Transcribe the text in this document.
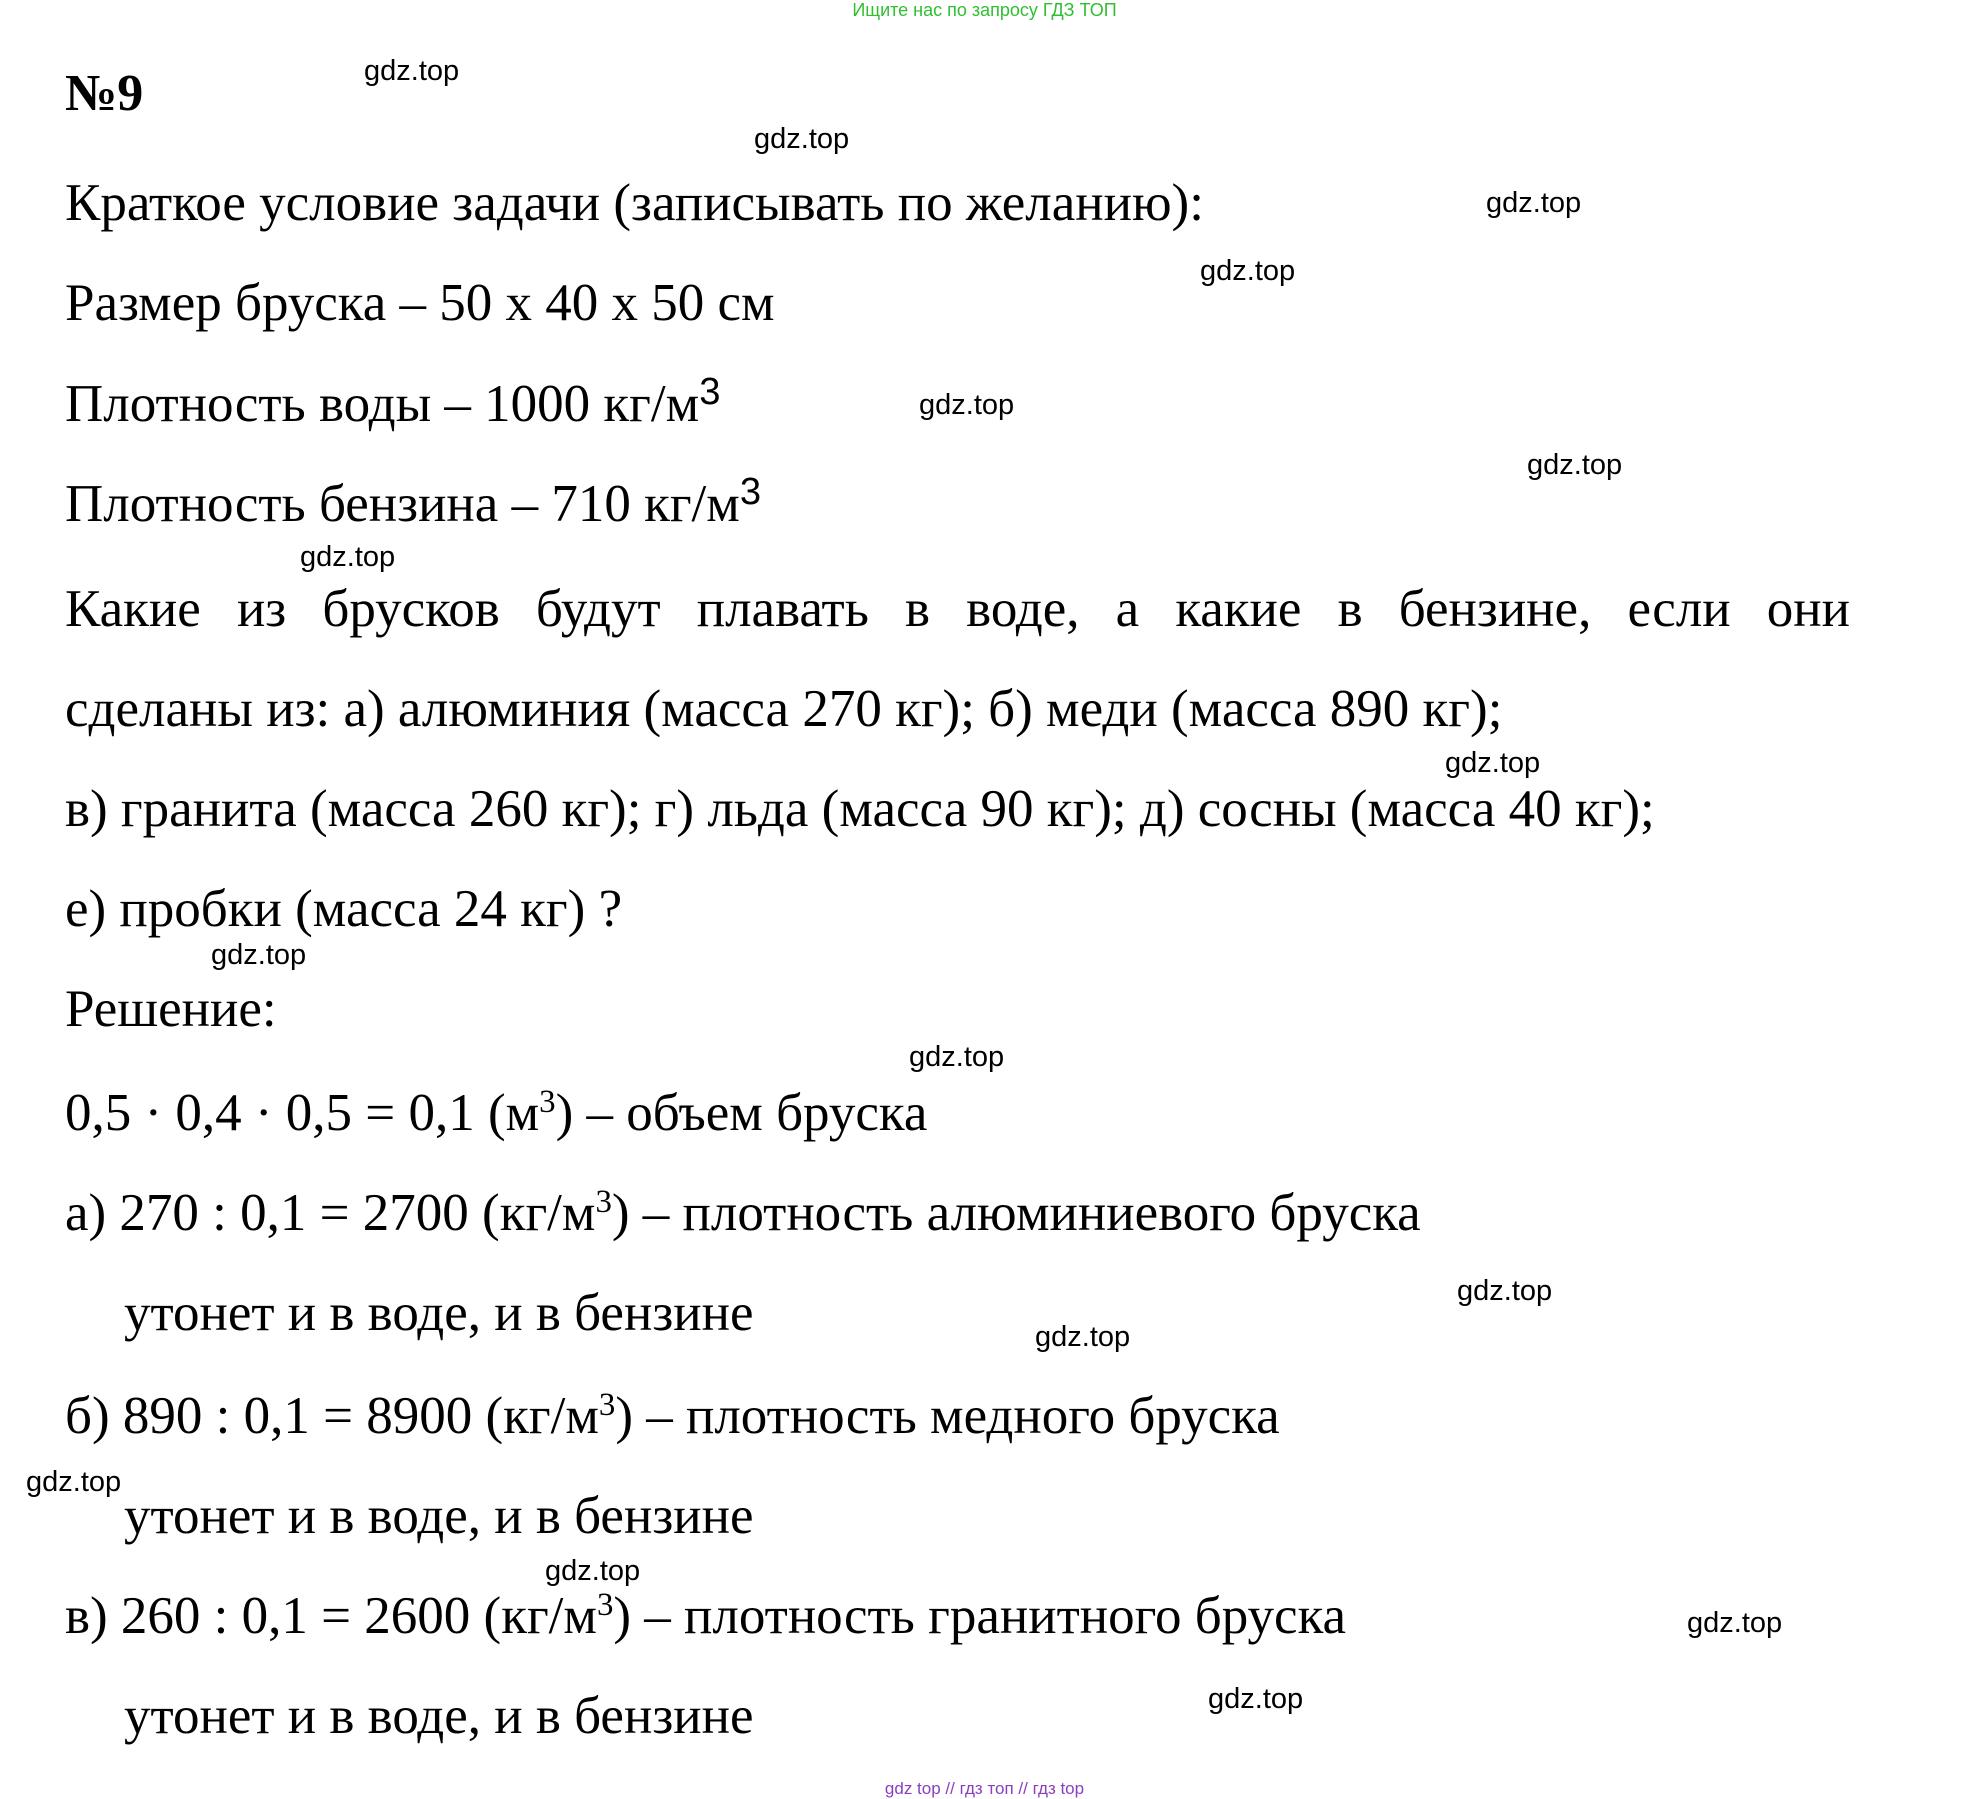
Ищите нас по запросу ГДЗ ТОП
№9
Краткое условие задачи (записывать по желанию):
Размер бруска – 50 х 40 х 50 см
Плотность воды – 1000 $кг/м^3$
Плотность бензина – 710 $кг/м^3$
Какие из брусков будут плавать в воде, а какие в бензине, если они
сделаны из: а) алюминия (масса 270 кг); б) меди (масса 890 кг);
в) гранита (масса 260 кг); г) льда (масса 90 кг); д) сосны (масса 40 кг);
е) пробки (масса 24 кг) ?
Решение:
0,5 · 0,4 · 0,5 = 0,1 $(м^3)$ – объем бруска
а) 270 : 0,1 = 2700 $(кг/м^3)$ – плотность алюминиевого бруска
утонет и в воде, и в бензине
б) 890 : 0,1 = 8900 $(кг/м^3)$ – плотность медного бруска
утонет и в воде, и в бензине
в) 260 : 0,1 = 2600 $(кг/м^3)$ – плотность гранитного бруска
утонет и в воде, и в бензине
gdz.top
gdz.top
gdz.top
gdz.top
gdz.top
gdz.top
gdz.top
gdz.top
gdz.top
gdz.top
gdz.top
gdz.top
gdz.top
gdz.top
gdz.top
gdz.top
gdz top // гдз топ // гдз top
